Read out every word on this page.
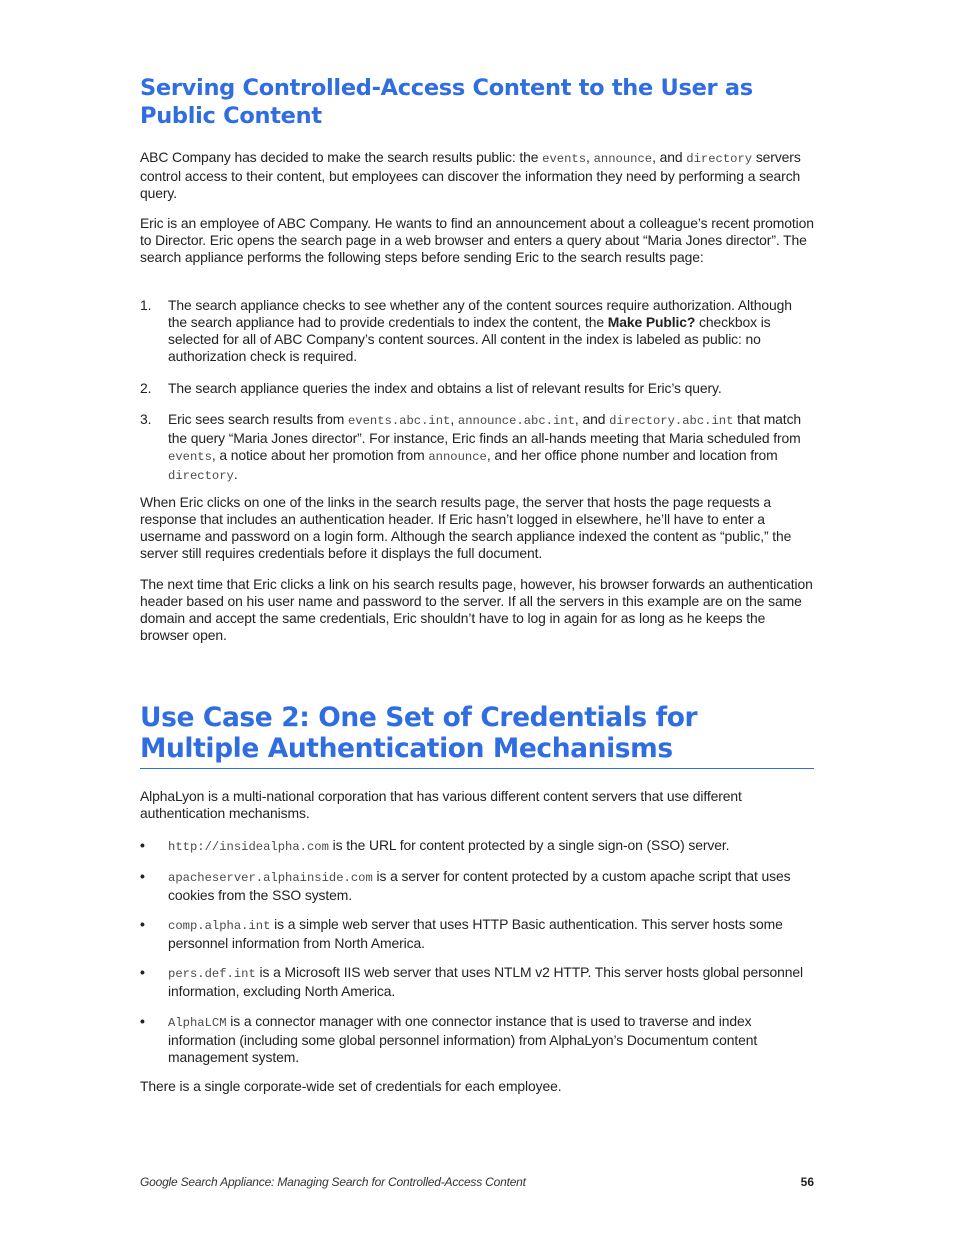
Serving Controlled-Access Content to the User as Public Content

ABC Company has decided to make the search results public: the events, announce, and directory servers control access to their content, but employees can discover the information they need by performing a search query.

Eric is an employee of ABC Company. He wants to find an announcement about a colleague’s recent promotion to Director. Eric opens the search page in a web browser and enters a query about “Maria Jones director”. The search appliance performs the following steps before sending Eric to the search results page:

1.	The search appliance checks to see whether any of the content sources require authorization. Although the search appliance had to provide credentials to index the content, the Make Public? checkbox is selected for all of ABC Company’s content sources. All content in the index is labeled as public: no authorization check is required.
2.	The search appliance queries the index and obtains a list of relevant results for Eric’s query.
3.	Eric sees search results from events.abc.int, announce.abc.int, and directory.abc.int that match the query “Maria Jones director”. For instance, Eric finds an all-hands meeting that Maria scheduled from events, a notice about her promotion from announce, and her office phone number and location from directory.

When Eric clicks on one of the links in the search results page, the server that hosts the page requests a response that includes an authentication header. If Eric hasn’t logged in elsewhere, he’ll have to enter a username and password on a login form. Although the search appliance indexed the content as “public,” the server still requires credentials before it displays the full document.

The next time that Eric clicks a link on his search results page, however, his browser forwards an authentication header based on his user name and password to the server. If all the servers in this example are on the same domain and accept the same credentials, Eric shouldn’t have to log in again for as long as he keeps the browser open.

Use Case 2: One Set of Credentials for Multiple Authentication Mechanisms

AlphaLyon is a multi-national corporation that has various different content servers that use different authentication mechanisms.

•	http://insidealpha.com is the URL for content protected by a single sign-on (SSO) server.
•	apacheserver.alphainside.com is a server for content protected by a custom apache script that uses cookies from the SSO system.
•	comp.alpha.int is a simple web server that uses HTTP Basic authentication. This server hosts some personnel information from North America.
•	pers.def.int is a Microsoft IIS web server that uses NTLM v2 HTTP. This server hosts global personnel information, excluding North America.
•	AlphaLCM is a connector manager with one connector instance that is used to traverse and index information (including some global personnel information) from AlphaLyon’s Documentum content management system.

There is a single corporate-wide set of credentials for each employee.

Google Search Appliance: Managing Search for Controlled-Access Content	56
